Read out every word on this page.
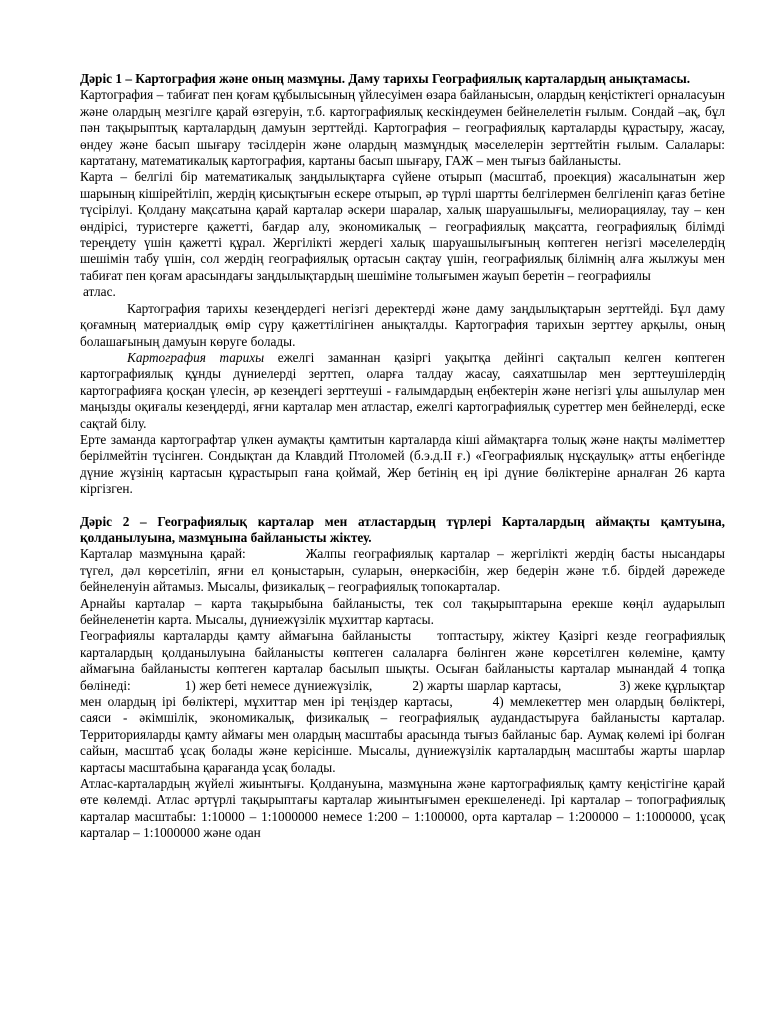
Дәріс 1 – Картография және оның мазмұны. Даму тарихы Географиялық карталардың анықтамасы.

Картография – табиғат пен қоғам құбылысының үйлесуімен өзара байланысын, олардың кеңістіктегі орналасуын және олардың мезгілге қарай өзгеруін, т.б. картографиялық кескіндеумен бейнелелетін ғылым. Сондай –ақ, бұл пән тақырыптық карталардың дамуын зерттейді. Картография – географиялық карталарды құрастыру, жасау, өндеу және басып шығару тәсілдерін және олардың мазмұндық мәселелерін зерттейтін ғылым. Салалары: картатану, математикалық картография, картаны басып шығару, ГАЖ – мен тығыз байланысты.

Карта – белгілі бір математикалық заңдылықтарға сүйене отырып (масштаб, проекция) жасалынатын жер шарының кішірейтіліп, жердің қисықтығын ескере отырып, әр түрлі шартты белгілермен белгіленіп қағаз бетіне түсірілуі. Қолдану мақсатына қарай карталар әскери шаралар, халық шаруашылығы, мелиорациялау, тау – кен өндірісі, туристерге қажетті, бағдар алу, экономикалық – географиялық мақсатта, географиялық білімді тереңдету үшін қажетті құрал. Жергілікті жердегі халық шаруашылығының көптеген негізгі мәселелердің шешімін табу үшін, сол жердің географиялық ортасын сақтау үшін, географиялық білімнің алға жылжуы мен табиғат пен қоғам арасындағы заңдылықтардың шешіміне толығымен жауып беретін – географиялы

атлас.

Картография тарихы кезеңдердегі негізгі деректерді және даму заңдылықтарын зерттейді. Бұл даму қоғамның материалдық өмір сүру қажеттілігінен анықталды. Картография тарихын зерттеу арқылы, оның болашағының дамуын көруге болады.

Картография тарихы ежелгі заманнан қазіргі уақытқа дейінгі сақталып келген көптеген картографиялық құнды дүниелерді зерттеп, оларға талдау жасау, саяхатшылар мен зерттеушілердің картографияға қосқан үлесін, әр кезеңдегі зерттеуші - ғалымдардың еңбектерін және негізгі ұлы ашылулар мен маңызды оқиғалы кезеңдерді, яғни карталар мен атластар, ежелгі картографиялық суреттер мен бейнелерді, еске сақтай білу.

Ерте заманда картографтар үлкен аумақты қамтитын карталарда кіші аймақтарға толық және нақты мәліметтер берілмейтін түсінген. Сондықтан да Клавдий Птоломей (б.э.д.II ғ.) «Географиялық нұсқаулық» атты еңбегінде дүние жүзінің картасын құрастырып ғана қоймай, Жер бетінің ең ірі дүние бөліктеріне арналған 26 карта кіргізген.

Дәріс 2 – Географиялық карталар мен атластардың түрлері Карталардың аймақты қамтуына, қолданылуына, мазмұнына байланысты жіктеу.

Карталар мазмұнына қарай:	Жалпы географиялық карталар – жергілікті жердің басты нысандары түгел, дәл көрсетіліп, яғни ел қоныстарын, суларын, өнеркәсібін, жер бедерін және т.б. бірдей дәрежеде бейнеленуін айтамыз. Мысалы, физикалық – географиялық топокарталар.

Арнайы карталар – карта тақырыбына байланысты, тек сол тақырыптарына ерекше көңіл аударылып бейнеленетін карта. Мысалы, дүниежүзілік мұхиттар картасы.

Географиялы карталарды қамту аймағына байланысты топтастыру, жіктеу Қазіргі кезде географиялық карталардың қолданылуына байланысты көптеген салаларға бөлінген және көрсетілген көлеміне, қамту аймағына байланысты көптеген карталар басылып шықты. Осыған байланысты карталар мынандай 4 топқа бөлінеді:	1) жер беті немесе дүниежүзілік,	2) жарты шарлар картасы,	3) жеке құрлықтар мен олардың ірі бөліктері, мұхиттар мен ірі теңіздер картасы,	4) мемлекеттер мен олардың бөліктері, саяси - әкімшілік, экономикалық, физикалық – географиялық аудандастыруға байланысты карталар. Территорияларды қамту аймағы мен олардың масштабы арасында тығыз байланыс бар. Аумақ көлемі ірі болған сайын, масштаб ұсақ болады және керісінше. Мысалы, дүниежүзілік карталардың масштабы жарты шарлар картасы масштабына қарағанда ұсақ болады.

Атлас-карталардың жүйелі жиынтығы. Қолдануына, мазмұнына және картографиялық қамту кеңістігіне қарай өте көлемді. Атлас әртүрлі тақырыптағы карталар жиынтығымен ерекшеленеді. Ірі карталар – топографиялық карталар масштабы: 1:10000 – 1:1000000 немесе 1:200 – 1:100000, орта карталар – 1:200000 – 1:1000000, ұсақ карталар – 1:1000000 және одан
